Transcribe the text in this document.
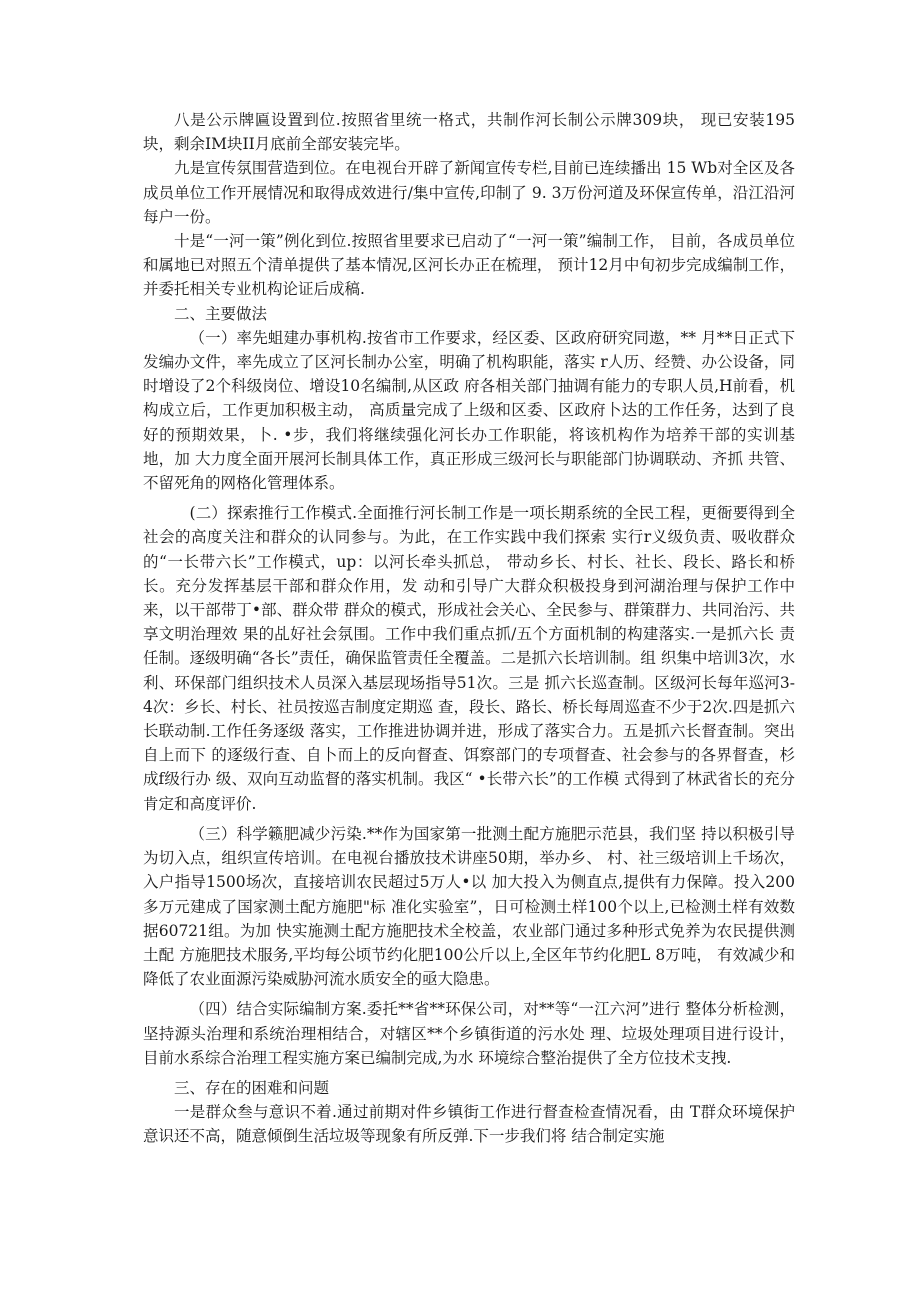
八是公示牌匾设置到位.按照省里统一格式，共制作河长制公示牌309块， 现已安装195块，剩余IM块II月底前全部安装完毕。

九是宣传氛围营造到位。在电视台开辟了新闻宣传专栏,目前已连续播出 15 Wb对全区及各成员单位工作开展情况和取得成效进行/集中宣传,印制了 9. 3万份河道及环保宣传单，沿江沿河每户一份。

十是“一河一策”例化到位.按照省里要求已启动了“一河一策”编制工作， 目前，各成员单位和属地已对照五个清单提供了基本情况,区河长办正在梳理， 预计12月中旬初步完成编制工作，并委托相关专业机构论证后成稿.

二、主要做法

（一）率先蛆建办事机构.按省市工作要求，经区委、区政府研究同遨，** 月**日正式下发编办文件，率先成立了区河长制办公室，明确了机构职能，落实 r人历、经赞、办公设备，同时增设了2个科级岗位、增设10名编制,从区政 府各相关部门抽调有能力的专职人员,H前看，机构成立后，工作更加积极主动， 高质量完成了上级和区委、区政府卜达的工作任务，达到了良好的预期效果，卜. •步，我们将继续强化河长办工作职能，将该机构作为培养干部的实训基地，加 大力度全面开展河长制具体工作，真正形成三级河长与职能部门协调联动、齐抓 共管、不留死角的网格化管理体系。

(二）探索推行工作模式.全面推行河长制工作是一项长期系统的全民工程，更衙要得到全社会的高度关注和群众的认同参与。为此，在工作实践中我们探索 实行r义级负责、吸收群众的“一长带六长”工作模式，up：以河长牵头抓总， 带动乡长、村长、社长、段长、路长和桥长。充分发挥基层干部和群众作用，发 动和引导广大群众积极投身到河湖治理与保护工作中来，以干部带丁•部、群众带 群众的模式，形成社会关心、全民参与、群策群力、共同治污、共享文明治理效 果的乩好社会氛围。工作中我们重点抓/五个方面机制的构建落实.一是抓六长 责任制。逐级明确“各长”责任，确保监管责任全覆盖。二是抓六长培训制。组 织集中培训3次，水利、环保部门组织技术人员深入基层现场指导51次。三是 抓六长巡查制。区级河长每年巡河3-4次：乡长、村长、社员按巡吉制度定期巡 查，段长、路长、桥长每周巡查不少于2次.四是抓六长联动制.工作任务逐级 落实，工作推进协调并进，形成了落实合力。五是抓六长督査制。突出自上而下 的逐级行查、自卜而上的反向督查、饵察部门的专项督查、社会参与的各界督查，杉成f级行办 级、双向互动监督的落实机制。我区“ •长带六长”的工作模 式得到了林武省长的充分肯定和高度评价.

（三）科学籁肥减少污染.**作为国家第一批测土配方施肥示范县，我们坚 持以积极引导为切入点，组织宣传培训。在电视台播放技术讲座50期，举办乡、 村、社三级培训上千场次，入户指导1500场次，直接培训农民超过5万人•以 加大投入为侧直点,提供有力保障。投入200多万元建成了国家测土配方施肥"标 准化实验室”，日可检测土样100个以上,已检测土样有效数据60721组。为加 快实施测土配方施肥技术全校盖，农业部门通过多种形式免养为农民提供测土配 方施肥技术服务,平均每公顷节约化肥100公斤以上,全区年节约化肥L 8万吨， 有效减少和降低了农业面源污染威胁河流水质安全的亟大隐患。

（四）结合实际编制方案.委托**省**环保公司，对**等“一江六河”进行 整体分析检测，坚持源头治理和系统治理相结合，对辖区**个乡镇街道的污水处 理、垃圾处理项目进行设计，目前水系综合治理工程实施方案已编制完成,为水 环境综合整治提供了全方位技术支拽.

三、存在的困难和问题

一是群众叁与意识不着.通过前期对件乡镇街工作进行督查检查情况看，由 T群众环境保护意识还不高，随意倾倒生活垃圾等现象有所反弹.下一步我们将 结合制定实施
